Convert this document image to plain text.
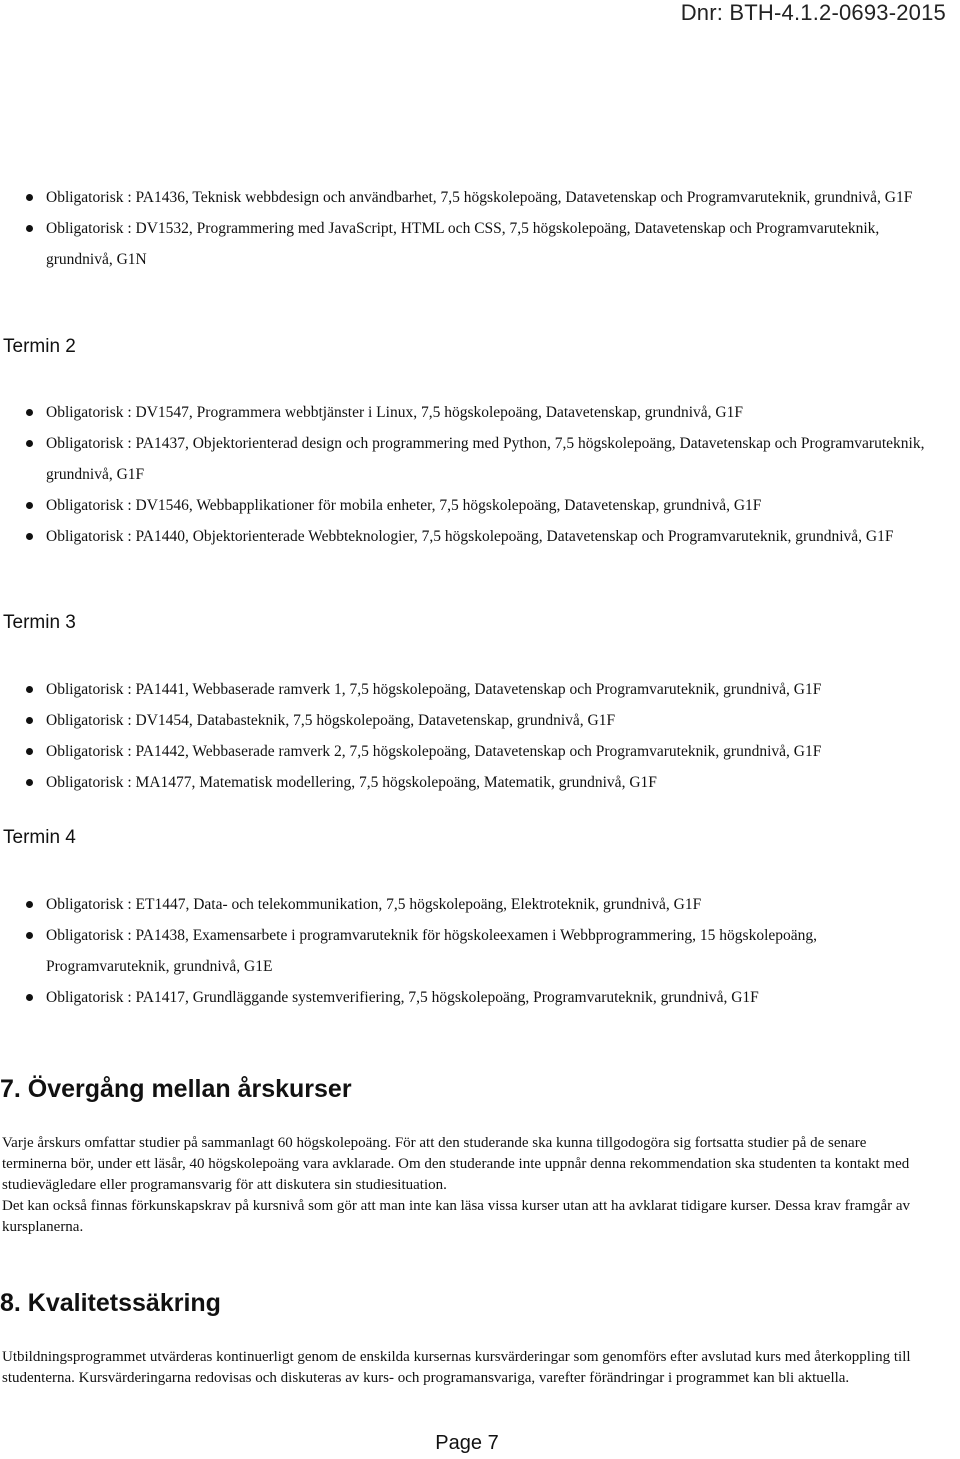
Dnr: BTH-4.1.2-0693-2015
Obligatorisk : PA1436, Teknisk webbdesign och användbarhet, 7,5 högskolepoäng, Datavetenskap och Programvaruteknik, grundnivå, G1F
Obligatorisk : DV1532, Programmering med JavaScript, HTML och CSS, 7,5 högskolepoäng, Datavetenskap och Programvaruteknik, grundnivå, G1N
Termin 2
Obligatorisk : DV1547, Programmera webbtjänster i Linux, 7,5 högskolepoäng, Datavetenskap, grundnivå, G1F
Obligatorisk : PA1437, Objektorienterad design och programmering med Python, 7,5 högskolepoäng, Datavetenskap och Programvaruteknik, grundnivå, G1F
Obligatorisk : DV1546, Webbapplikationer för mobila enheter, 7,5 högskolepoäng, Datavetenskap, grundnivå, G1F
Obligatorisk : PA1440, Objektorienterade Webbteknologier, 7,5 högskolepoäng, Datavetenskap och Programvaruteknik, grundnivå, G1F
Termin 3
Obligatorisk : PA1441, Webbaserade ramverk 1, 7,5 högskolepoäng, Datavetenskap och Programvaruteknik, grundnivå, G1F
Obligatorisk : DV1454, Databasteknik, 7,5 högskolepoäng, Datavetenskap, grundnivå, G1F
Obligatorisk : PA1442, Webbaserade ramverk 2, 7,5 högskolepoäng, Datavetenskap och Programvaruteknik, grundnivå, G1F
Obligatorisk : MA1477, Matematisk modellering, 7,5 högskolepoäng, Matematik, grundnivå, G1F
Termin 4
Obligatorisk : ET1447, Data- och telekommunikation, 7,5 högskolepoäng, Elektroteknik, grundnivå, G1F
Obligatorisk : PA1438, Examensarbete i programvaruteknik för högskoleexamen i Webbprogrammering, 15 högskolepoäng, Programvaruteknik, grundnivå, G1E
Obligatorisk : PA1417, Grundläggande systemverifiering, 7,5 högskolepoäng, Programvaruteknik, grundnivå, G1F
7. Övergång mellan årskurser
Varje årskurs omfattar studier på sammanlagt 60 högskolepoäng. För att den studerande ska kunna tillgodogöra sig fortsatta studier på de senare terminerna bör, under ett läsår, 40 högskolepoäng vara avklarade. Om den studerande inte uppnår denna rekommendation ska studenten ta kontakt med studievägledare eller programansvarig för att diskutera sin studiesituation.
Det kan också finnas förkunskapskrav på kursnivå som gör att man inte kan läsa vissa kurser utan att ha avklarat tidigare kurser. Dessa krav framgår av kursplanerna.
8. Kvalitetssäkring
Utbildningsprogrammet utvärderas kontinuerligt genom de enskilda kursernas kursvärderingar som genomförs efter avslutad kurs med återkoppling till studenterna. Kursvärderingarna redovisas och diskuteras av kurs- och programansvariga, varefter förändringar i programmet kan bli aktuella.
Page 7
